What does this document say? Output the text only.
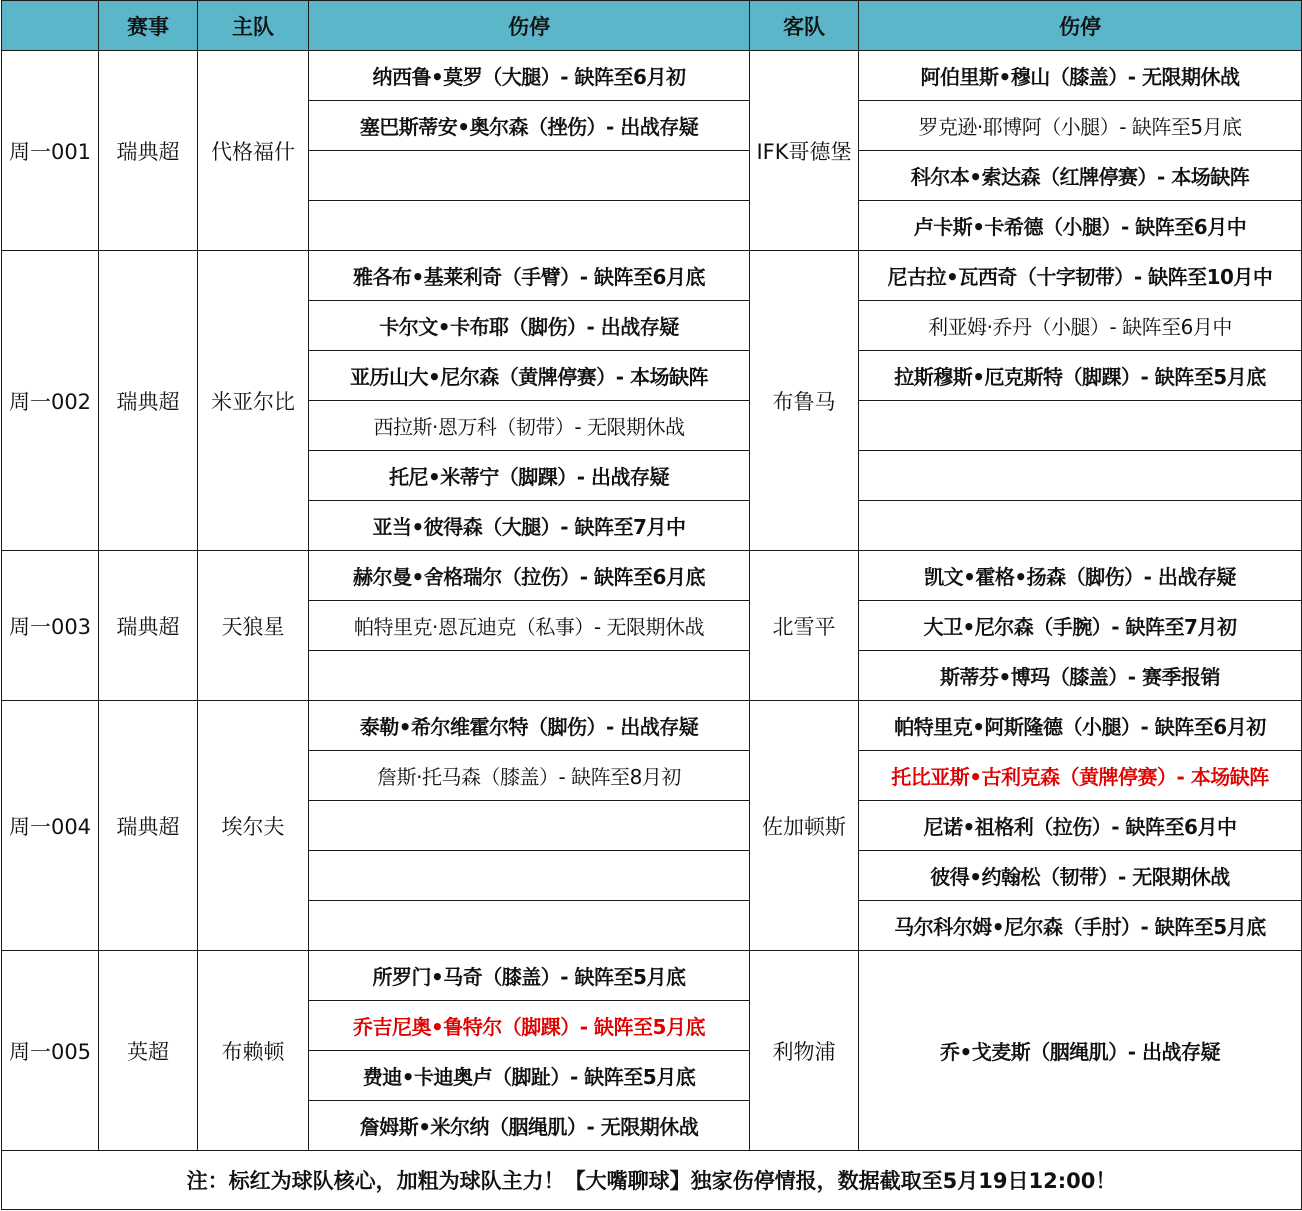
	赛事	主队	伤停	客队	伤停
周一001	瑞典超	代格福什	纳西鲁•莫罗（大腿）- 缺阵至6月初	IFK哥德堡	阿伯里斯•穆山（膝盖）- 无限期休战
			塞巴斯蒂安•奥尔森（挫伤）- 出战存疑		罗克逊·耶博阿（小腿）- 缺阵至5月底
					科尔本•索达森（红牌停赛）- 本场缺阵
					卢卡斯•卡希德（小腿）- 缺阵至6月中
周一002	瑞典超	米亚尔比	雅各布•基莱利奇（手臂）- 缺阵至6月底	布鲁马	尼古拉•瓦西奇（十字韧带）- 缺阵至10月中
			卡尔文•卡布耶（脚伤）- 出战存疑		利亚姆·乔丹（小腿）- 缺阵至6月中
			亚历山大•尼尔森（黄牌停赛）- 本场缺阵		拉斯穆斯•厄克斯特（脚踝）- 缺阵至5月底
			西拉斯·恩万科（韧带）- 无限期休战		
			托尼•米蒂宁（脚踝）- 出战存疑		
			亚当•彼得森（大腿）- 缺阵至7月中		
周一003	瑞典超	天狼星	赫尔曼•舍格瑞尔（拉伤）- 缺阵至6月底	北雪平	凯文•霍格•扬森（脚伤）- 出战存疑
			帕特里克·恩瓦迪克（私事）- 无限期休战		大卫•尼尔森（手腕）- 缺阵至7月初
					斯蒂芬•博玛（膝盖）- 赛季报销
周一004	瑞典超	埃尔夫	泰勒•希尔维霍尔特（脚伤）- 出战存疑	佐加顿斯	帕特里克•阿斯隆德（小腿）- 缺阵至6月初
			詹斯·托马森（膝盖）- 缺阵至8月初		托比亚斯•古利克森（黄牌停赛）- 本场缺阵
					尼诺•祖格利（拉伤）- 缺阵至6月中
					彼得•约翰松（韧带）- 无限期休战
					马尔科尔姆•尼尔森（手肘）- 缺阵至5月底
周一005	英超	布赖顿	所罗门•马奇（膝盖）- 缺阵至5月底	利物浦	乔•戈麦斯（胭绳肌）- 出战存疑
			乔吉尼奥•鲁特尔（脚踝）- 缺阵至5月底		
			费迪•卡迪奥卢（脚趾）- 缺阵至5月底		
			詹姆斯•米尔纳（胭绳肌）- 无限期休战		
注：标红为球队核心，加粗为球队主力！【大嘴聊球】独家伤停情报，数据截取至5月19日12:00！					
